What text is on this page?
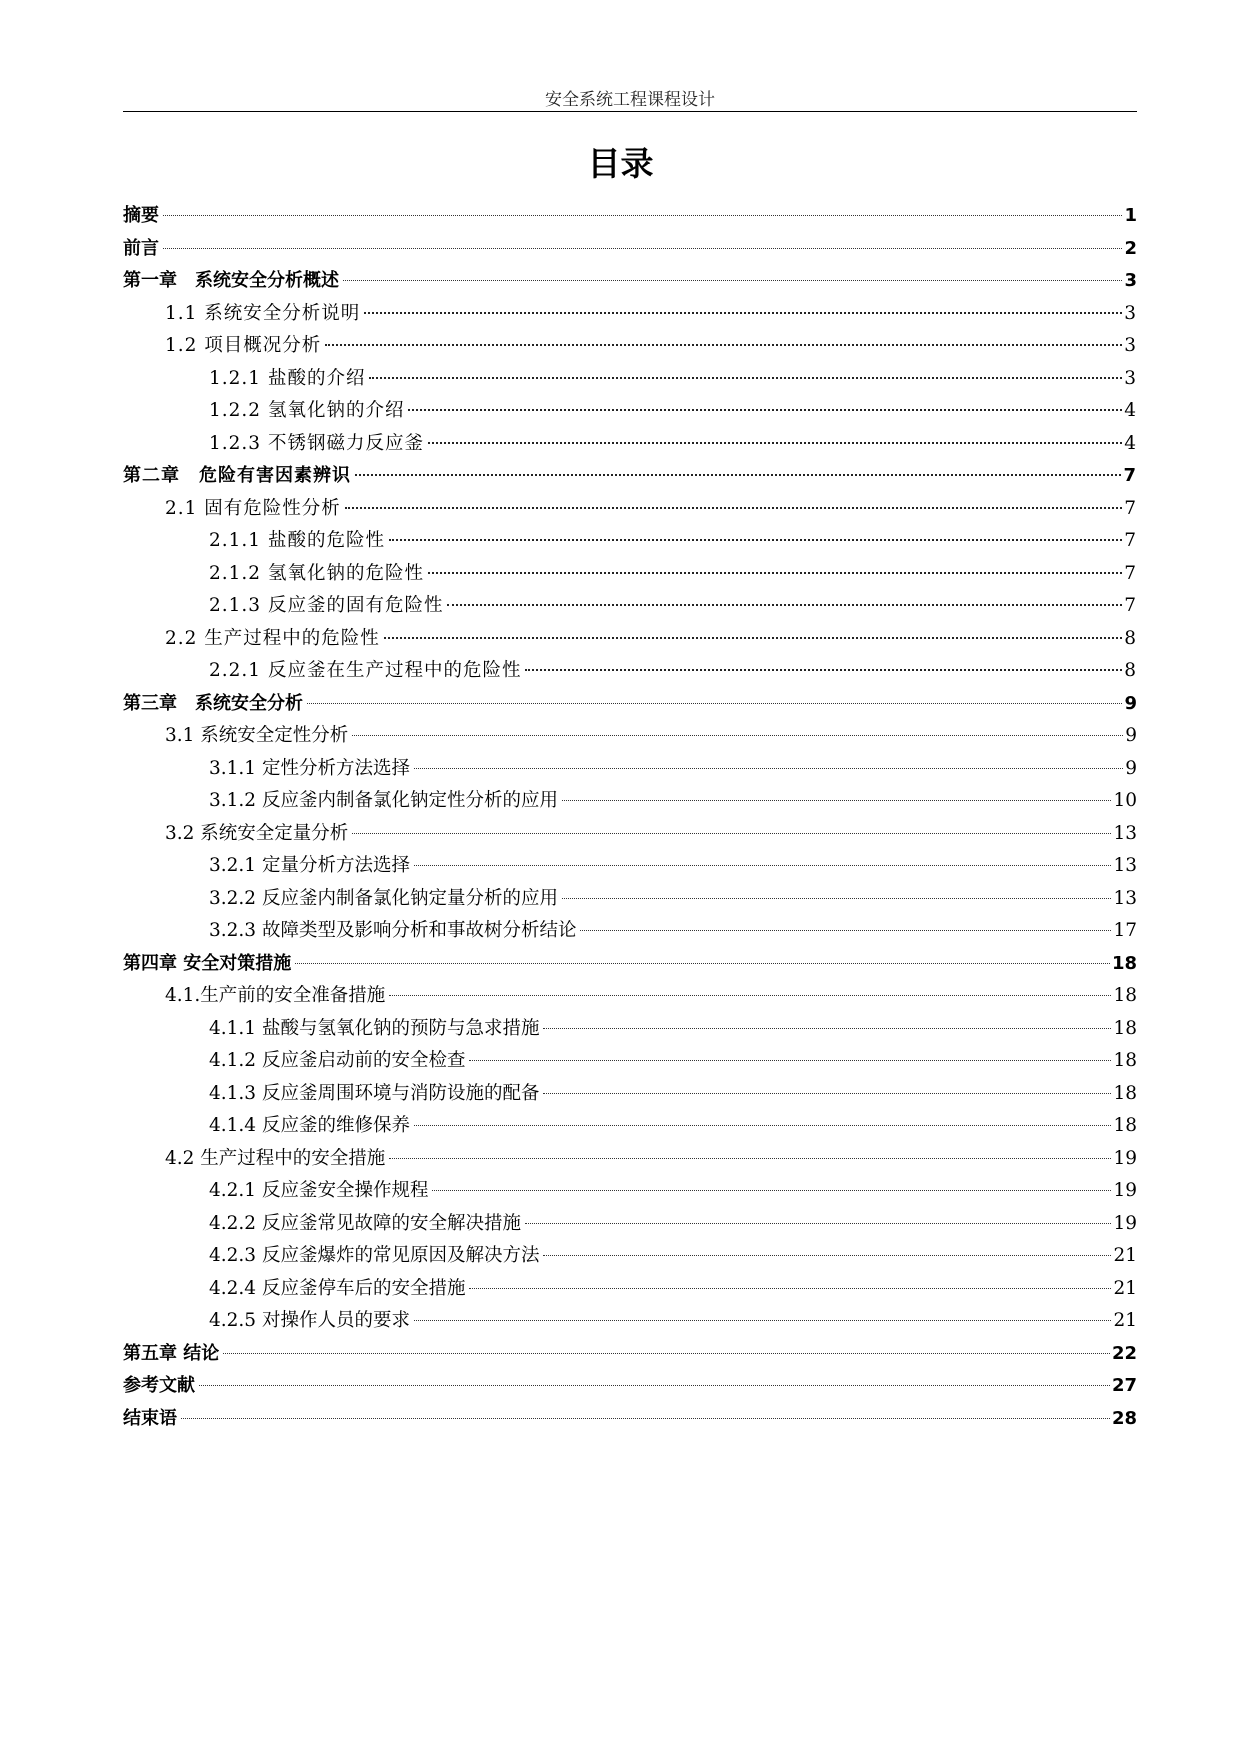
安全系统工程课程设计
目录
摘要	1
前言	2
第一章　系统安全分析概述	3
1.1 系统安全分析说明	3
1.2 项目概况分析	3
1.2.1 盐酸的介绍	3
1.2.2 氢氧化钠的介绍	4
1.2.3 不锈钢磁力反应釜	4
第二章　危险有害因素辨识	7
2.1 固有危险性分析	7
2.1.1 盐酸的危险性	7
2.1.2 氢氧化钠的危险性	7
2.1.3 反应釜的固有危险性	7
2.2 生产过程中的危险性	8
2.2.1 反应釜在生产过程中的危险性	8
第三章　系统安全分析	9
3.1 系统安全定性分析	9
3.1.1 定性分析方法选择	9
3.1.2 反应釜内制备氯化钠定性分析的应用	10
3.2 系统安全定量分析	13
3.2.1 定量分析方法选择	13
3.2.2 反应釜内制备氯化钠定量分析的应用	13
3.2.3 故障类型及影响分析和事故树分析结论	17
第四章 安全对策措施	18
4.1.生产前的安全准备措施	18
4.1.1 盐酸与氢氧化钠的预防与急求措施	18
4.1.2 反应釜启动前的安全检查	18
4.1.3 反应釜周围环境与消防设施的配备	18
4.1.4 反应釜的维修保养	18
4.2 生产过程中的安全措施	19
4.2.1 反应釜安全操作规程	19
4.2.2 反应釜常见故障的安全解决措施	19
4.2.3 反应釜爆炸的常见原因及解决方法	21
4.2.4 反应釜停车后的安全措施	21
4.2.5 对操作人员的要求	21
第五章 结论	22
参考文献	27
结束语	28
